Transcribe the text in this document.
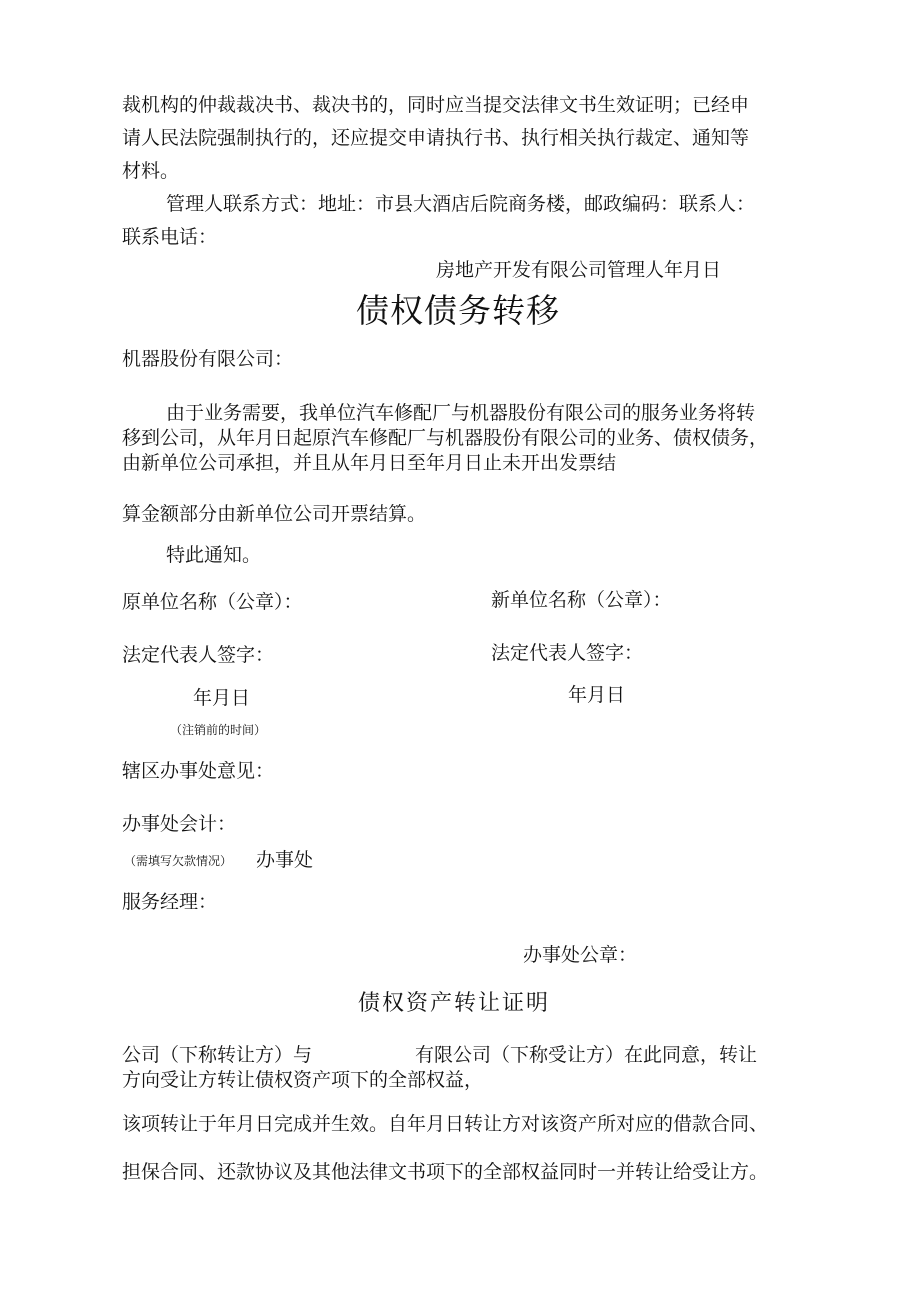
裁机构的仲裁裁决书、裁决书的，同时应当提交法律文书生效证明；已经申
请人民法院强制执行的，还应提交申请执行书、执行相关执行裁定、通知等
材料。
管理人联系方式：地址：市县大酒店后院商务楼，邮政编码：联系人：
联系电话：
房地产开发有限公司管理人年月日
债权债务转移
机器股份有限公司：
由于业务需要，我单位汽车修配厂与机器股份有限公司的服务业务将转
移到公司，从年月日起原汽车修配厂与机器股份有限公司的业务、债权债务，
由新单位公司承担，并且从年月日至年月日止未开出发票结
算金额部分由新单位公司开票结算。
特此通知。
原单位名称（公章）：	新单位名称（公章）：
法定代表人签字：	法定代表人签字：
年月日	年月日
（注销前的时间）
辖区办事处意见：
办事处会计：
（需填写欠款情况） 办事处
服务经理：
办事处公章：
债权资产转让证明
公司（下称转让方）与	有限公司（下称受让方）在此同意，转让
方向受让方转让债权资产项下的全部权益，
该项转让于年月日完成并生效。自年月日转让方对该资产所对应的借款合同、
担保合同、还款协议及其他法律文书项下的全部权益同时一并转让给受让方。
